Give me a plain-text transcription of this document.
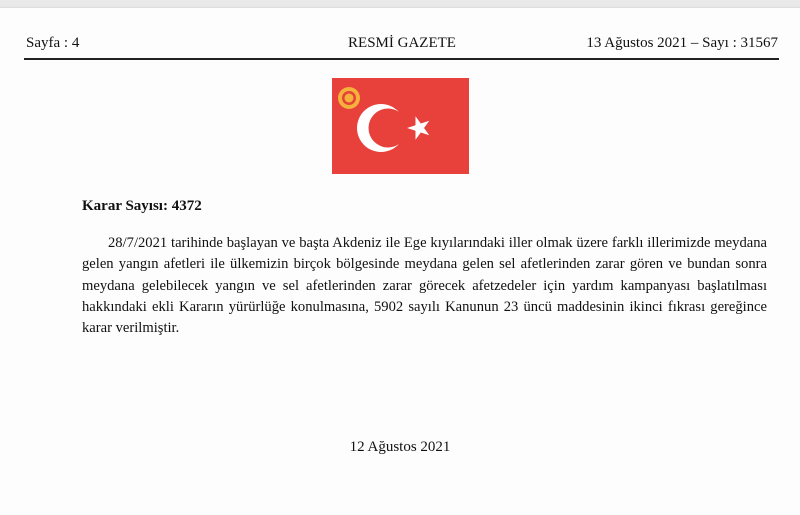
Sayfa : 4	RESMİ GAZETE	13 Ağustos 2021 – Sayı : 31567

Karar Sayısı: 4372

28/7/2021 tarihinde başlayan ve başta Akdeniz ile Ege kıyılarındaki iller olmak üzere farklı illerimizde meydana gelen yangın afetleri ile ülkemizin birçok bölgesinde meydana gelen sel afetlerinden zarar gören ve bundan sonra meydana gelebilecek yangın ve sel afetlerinden zarar görecek afetzedeler için yardım kampanyası başlatılması hakkındaki ekli Kararın yürürlüğe konulmasına, 5902 sayılı Kanunun 23 üncü maddesinin ikinci fıkrası gereğince karar verilmiştir.

12 Ağustos 2021
